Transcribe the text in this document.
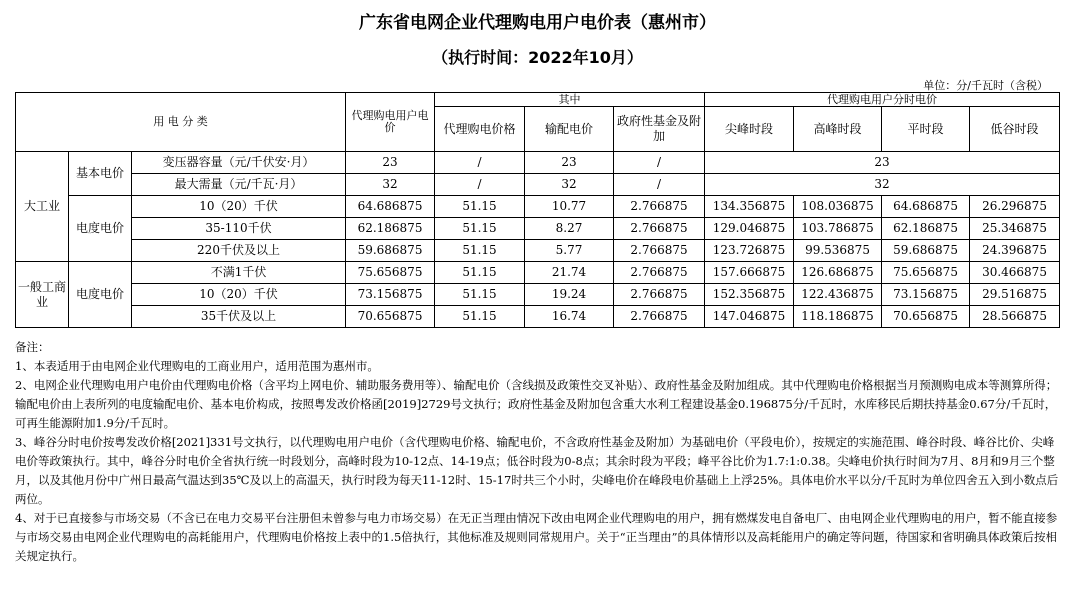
广东省电网企业代理购电用户电价表（惠州市）
（执行时间：2022年10月）
单位：分/千瓦时（含税）
用 电 分 类			代理购电用户电价	其中			代理购电用户分时电价			
				代理购电价格	输配电价	政府性基金及附加	尖峰时段	高峰时段	平时段	低谷时段
大工业	基本电价	变压器容量（元/千伏安·月）	23	/	23	/	23			
		最大需量（元/千瓦·月）	32	/	32	/	32			
	电度电价	10（20）千伏	64.686875	51.15	10.77	2.766875	134.356875	108.036875	64.686875	26.296875
		35-110千伏	62.186875	51.15	8.27	2.766875	129.046875	103.786875	62.186875	25.346875
		220千伏及以上	59.686875	51.15	5.77	2.766875	123.726875	99.536875	59.686875	24.396875
一般工商业	电度电价	不满1千伏	75.656875	51.15	21.74	2.766875	157.666875	126.686875	75.656875	30.466875
		10（20）千伏	73.156875	51.15	19.24	2.766875	152.356875	122.436875	73.156875	29.516875
		35千伏及以上	70.656875	51.15	16.74	2.766875	147.046875	118.186875	70.656875	28.566875

备注：

1、本表适用于由电网企业代理购电的工商业用户，适用范围为惠州市。

2、电网企业代理购电用户电价由代理购电价格（含平均上网电价、辅助服务费用等）、输配电价（含线损及政策性交叉补贴）、政府性基金及附加组成。其中代理购电价格根据当月预测购电成本等测算所得；输配电价由上表所列的电度输配电价、基本电价构成，按照粤发改价格函[2019]2729号文执行；政府性基金及附加包含重大水利工程建设基金0.196875分/千瓦时，水库移民后期扶持基金0.67分/千瓦时，可再生能源附加1.9分/千瓦时。

3、峰谷分时电价按粤发改价格[2021]331号文执行，以代理购电用户电价（含代理购电价格、输配电价，不含政府性基金及附加）为基础电价（平段电价），按规定的实施范围、峰谷时段、峰谷比价、尖峰电价等政策执行。其中，峰谷分时电价全省执行统一时段划分，高峰时段为10-12点、14-19点；低谷时段为0-8点；其余时段为平段；峰平谷比价为1.7:1:0.38。尖峰电价执行时间为7月、8月和9月三个整月，以及其他月份中广州日最高气温达到35℃及以上的高温天，执行时段为每天11-12时、15-17时共三个小时，尖峰电价在峰段电价基础上上浮25%。具体电价水平以分/千瓦时为单位四舍五入到小数点后两位。

4、对于已直接参与市场交易（不含已在电力交易平台注册但未曾参与电力市场交易）在无正当理由情况下改由电网企业代理购电的用户，拥有燃煤发电自备电厂、由电网企业代理购电的用户，暂不能直接参与市场交易由电网企业代理购电的高耗能用户，代理购电价格按上表中的1.5倍执行，其他标准及规则同常规用户。关于“正当理由”的具体情形以及高耗能用户的确定等问题，待国家和省明确具体政策后按相关规定执行。
